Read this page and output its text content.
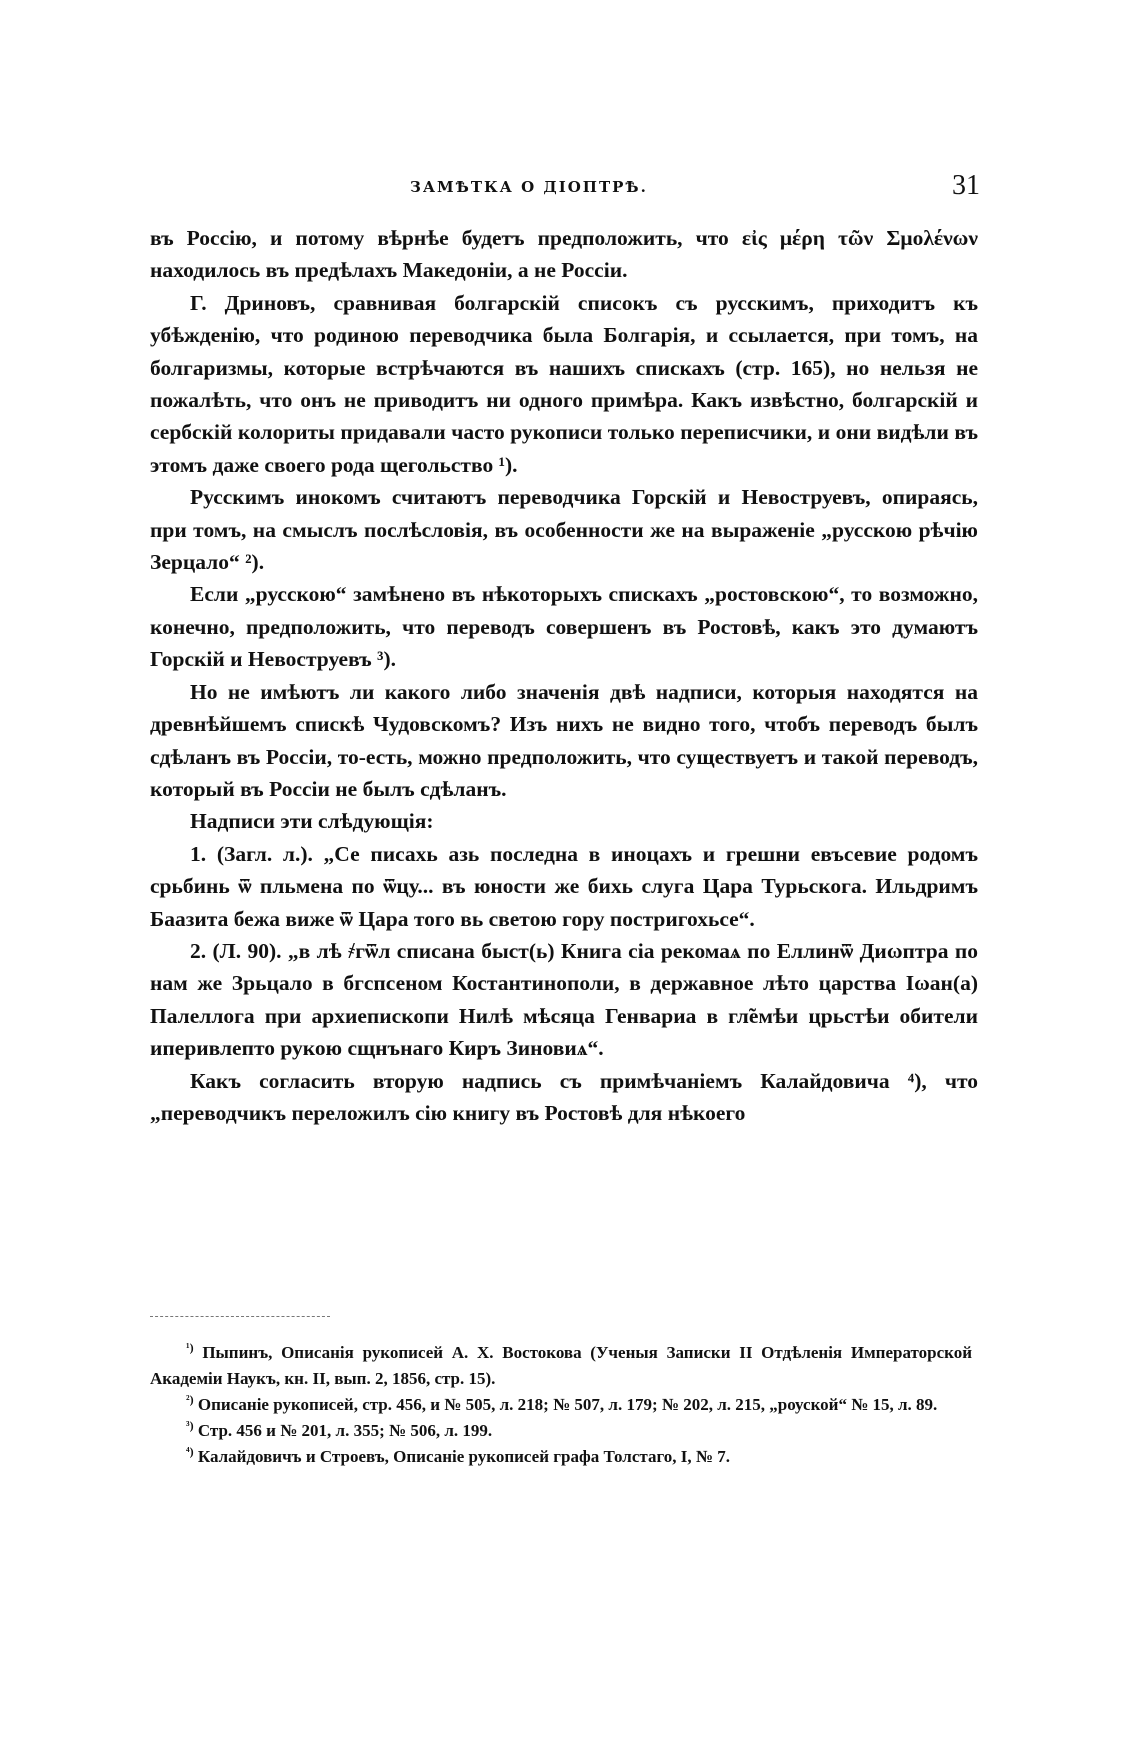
ЗАМѢТКА О ДІОПТРѢ.	31

въ Россію, и потому вѣрнѣе будетъ предположить, что εἰς μέρη τῶν Σμολένων находилось въ предѣлахъ Македоніи, а не Россіи.

Г. Дриновъ, сравнивая болгарскій списокъ съ русскимъ, приходитъ къ убѣжденію, что родиною переводчика была Болгарія, и ссылается, при томъ, на болгаризмы, которые встрѣчаются въ нашихъ спискахъ (стр. 165), но нельзя не пожалѣть, что онъ не приводитъ ни одного примѣра. Какъ извѣстно, болгарскій и сербскій колориты придавали часто рукописи только переписчики, и они видѣли въ этомъ даже своего рода щегольство ¹).

Русскимъ инокомъ считаютъ переводчика Горскій и Невоструевъ, опираясь, при томъ, на смыслъ послѣсловія, въ особенности же на выраженіе „русскою рѣчію Зерцало“ ²).

Если „русскою“ замѣнено въ нѣкоторыхъ спискахъ „ростовскою“, то возможно, конечно, предположить, что переводъ совершенъ въ Ростовѣ, какъ это думаютъ Горскій и Невоструевъ ³).

Но не имѣютъ ли какого либо значенія двѣ надписи, которыя находятся на древнѣйшемъ спискѣ Чудовскомъ? Изъ нихъ не видно того, чтобъ переводъ былъ сдѣланъ въ Россіи, то-есть, можно предположить, что существуетъ и такой переводъ, который въ Россіи не былъ сдѣланъ.

Надписи эти слѣдующія:

1. (Загл. л.). „Се писахь азь последна в иноцахъ и грешни евъсевие родомъ срьбинь ѿ пльмена по ѿцу... въ юности же бихь слуга Цара Турьскога. Ильдримъ Баазита бежа виже ѿ Цара того вь светою гору постригохьсе“.

2. (Л. 90). „в лѣ ҂гѿл списана быст(ь) Книга сіа рекомаѧ по Еллинѿ Диωптра по нам же Зрьцало в бгспсеном Костантинополи, в державное лѣто царства Іωан(а) Палеллога при архиепископи Нилѣ мѣсяца Генвариа в гл̃емѣи црьстѣи обители иперивлепто рукою сщнънаго Киръ Зиновиѧ“.

Какъ согласить вторую надпись съ примѣчаніемъ Калайдовича ⁴), что „переводчикъ переложилъ сію книгу въ Ростовѣ для нѣкоего

$^{^1)}$ Пыпинъ, Описанія рукописей А. Х. Востокова (Ученыя Записки II Отдѣленія Императорской Академіи Наукъ, кн. II, вып. 2, 1856, стр. 15).

$^{^2)}$ Описаніе рукописей, стр. 456, и № 505, л. 218; № 507, л. 179; № 202, л. 215, „роуской“ № 15, л. 89.

$^{^3)}$ Стр. 456 и № 201, л. 355; № 506, л. 199.

$^{^4)}$ Калайдовичъ и Строевъ, Описаніе рукописей графа Толстаго, I, № 7.
